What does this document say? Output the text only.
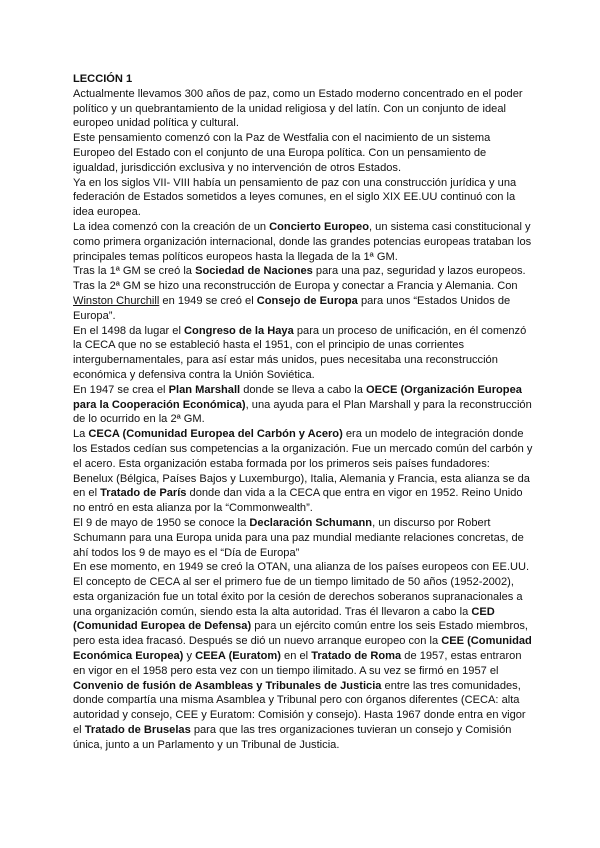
LECCIÓN 1

Actualmente llevamos 300 años de paz, como un Estado moderno concentrado en el poder político y un quebrantamiento de la unidad religiosa y del latín. Con un conjunto de ideal europeo unidad política y cultural.

Este pensamiento comenzó con la Paz de Westfalia con el nacimiento de un sistema Europeo del Estado con el conjunto de una Europa política. Con un pensamiento de igualdad, jurisdicción exclusiva y no intervención de otros Estados.

Ya en los siglos VII- VIII había un pensamiento de paz con una construcción jurídica y una federación de Estados sometidos a leyes comunes, en el siglo XIX EE.UU continuó con la idea europea.

La idea comenzó con la creación de un Concierto Europeo, un sistema casi constitucional y como primera organización internacional, donde las grandes potencias europeas trataban los principales temas políticos europeos hasta la llegada de la 1ª GM.

Tras la 1ª GM se creó la Sociedad de Naciones para una paz, seguridad y lazos europeos.

Tras la 2ª GM se hizo una reconstrucción de Europa y conectar a Francia y Alemania. Con Winston Churchill en 1949 se creó el Consejo de Europa para unos “Estados Unidos de Europa”.

En el 1498 da lugar el Congreso de la Haya para un proceso de unificación, en él comenzó la CECA que no se estableció hasta el 1951, con el principio de unas corrientes intergubernamentales, para así estar más unidos, pues necesitaba una reconstrucción económica y defensiva contra la Unión Soviética.

En 1947 se crea el Plan Marshall donde se lleva a cabo la OECE (Organización Europea para la Cooperación Económica), una ayuda para el Plan Marshall y para la reconstrucción de lo ocurrido en la 2ª GM.

La CECA (Comunidad Europea del Carbón y Acero) era un modelo de integración donde los Estados cedían sus competencias a la organización. Fue un mercado común del carbón y el acero. Esta organización estaba formada por los primeros seis países fundadores: Benelux (Bélgica, Países Bajos y Luxemburgo), Italia, Alemania y Francia, esta alianza se da en el Tratado de París donde dan vida a la CECA que entra en vigor en 1952. Reino Unido no entró en esta alianza por la “Commonwealth”.

El 9 de mayo de 1950 se conoce la Declaración Schumann, un discurso por Robert Schumann para una Europa unida para una paz mundial mediante relaciones concretas, de ahí todos los 9 de mayo es el “Día de Europa”

En ese momento, en 1949 se creó la OTAN, una alianza de los países europeos con EE.UU.

El concepto de CECA al ser el primero fue de un tiempo limitado de 50 años (1952-2002), esta organización fue un total éxito por la cesión de derechos soberanos supranacionales a una organización común, siendo esta la alta autoridad. Tras él llevaron a cabo la CED (Comunidad Europea de Defensa) para un ejército común entre los seis Estado miembros, pero esta idea fracasó. Después se dió un nuevo arranque europeo con la CEE (Comunidad Económica Europea) y CEEA (Euratom) en el Tratado de Roma de 1957, estas entraron en vigor en el 1958 pero esta vez con un tiempo ilimitado. A su vez se firmó en 1957 el Convenio de fusión de Asambleas y Tribunales de Justicia entre las tres comunidades, donde compartía una misma Asamblea y Tribunal pero con órganos diferentes (CECA: alta autoridad y consejo, CEE y Euratom: Comisión y consejo). Hasta 1967 donde entra en vigor el Tratado de Bruselas para que las tres organizaciones tuvieran un consejo y Comisión única, junto a un Parlamento y un Tribunal de Justicia.
